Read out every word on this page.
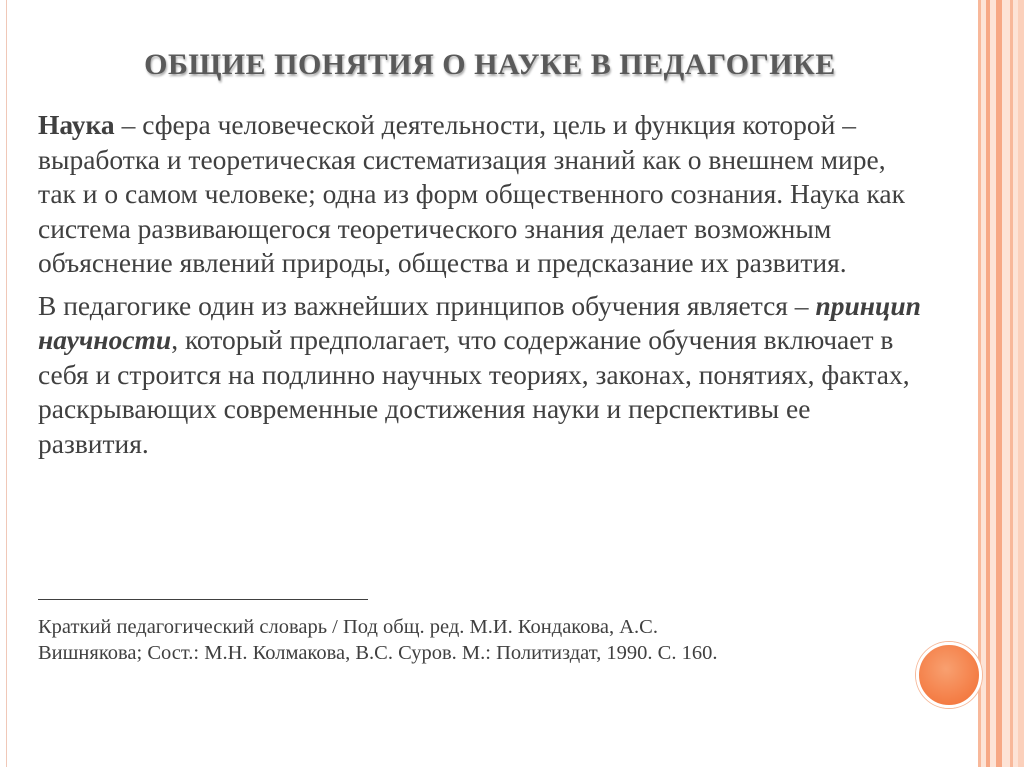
ОБЩИЕ ПОНЯТИЯ О НАУКЕ В ПЕДАГОГИКЕ

Наука – сфера человеческой деятельности, цель и функция которой – выработка и теоретическая систематизация знаний как о внешнем мире, так и о самом человеке; одна из форм общественного сознания. Наука как система развивающегося теоретического знания делает возможным объяснение явлений природы, общества и предсказание их развития.

В педагогике один из важнейших принципов обучения является – принцип научности, который предполагает, что содержание обучения включает в себя и строится на подлинно научных теориях, законах, понятиях, фактах, раскрывающих современные достижения науки и перспективы ее развития.

Краткий педагогический словарь / Под общ. ред. М.И. Кондакова, А.С.
Вишнякова; Сост.: М.Н. Колмакова, В.С. Суров. М.: Политиздат, 1990. С. 160.
